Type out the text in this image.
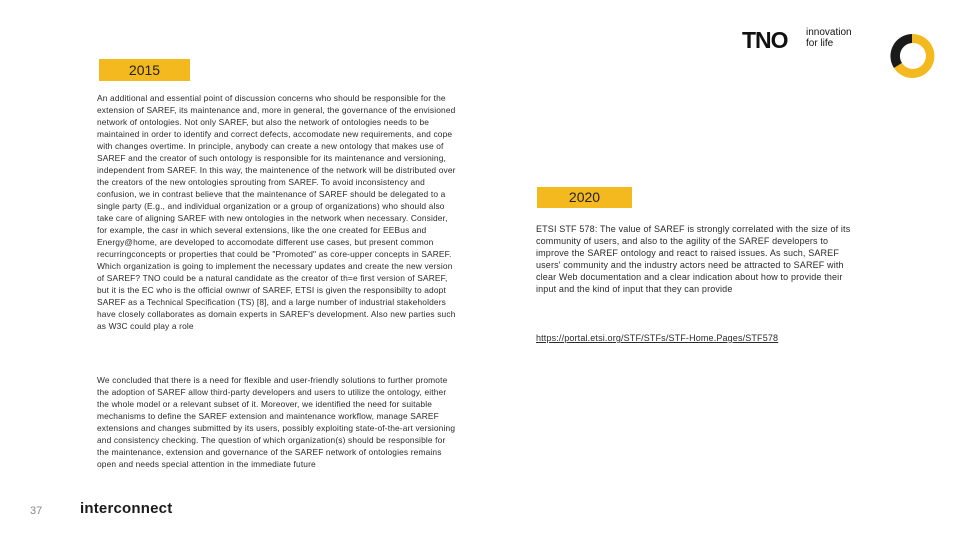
2015
An additional and essential point of discussion concerns who should be responsible for the extension of SAREF, its maintenance and, more in general, the governance of the envisioned network of ontologies. Not only SAREF, but also the network of ontologies needs to be maintained in order to identify and correct defects, accomodate new requirements, and cope with changes overtime. In principle, anybody can create a new ontology that makes use of SAREF and the creator of such ontology is responsible for its maintenance and versioning, independent from SAREF. In this way, the maintenence of the network will be distributed over the creators of the new ontologies sprouting from SAREF. To avoid inconsistency and confusion, we in contrast believe that the maintenance of SAREF should be delegated to a single party (E.g., and individual organization or a group of organizations) who should also take care of aligning SAREF with new ontologies in the network when necessary. Consider, for example, the casr in which several extensions, like the one created for EEBus and Energy@home, are developed to accomodate different use cases, but present common recurringconcepts or properties that could be "Promoted" as core-upper concepts in SAREF. Which organization is going to implement the necessary updates and create the new version of SAREF? TNO could be a natural candidate as the creator of th=e first version of SAREF, but it is the EC who is the official ownwr of SAREF, ETSI is given the responsibilty to adopt SAREF as a Technical Specification (TS) [8], and a large number of industrial stakeholders have closely collaborates as domain experts in SAREF's development. Also new parties such as W3C could play a role
We concluded that there is a need for flexible and user-friendly solutions to further promote the adoption of SAREF allow third-party developers and users to utilize the ontology, either the whole model or a relevant subset of it. Moreover, we identified the need for suitable mechanisms to define the SAREF extension and maintenance workflow, manage SAREF extensions and changes submitted by its users, possibly exploiting state-of-the-art versioning and consistency checking. The question of which organization(s) should be responsible for the maintenance, extension and governance of the SAREF network of ontologies remains open and needs special attention in the immediate future
2020
ETSI STF 578: The value of SAREF is strongly correlated with the size of its community of users, and also to the agility of the SAREF developers to improve the SAREF ontology and react to raised issues. As such, SAREF users' community and the industry actors need be attracted to SAREF with clear Web documentation and a clear indication about how to provide their input and the kind of input that they can provide
https://portal.etsi.org/STF/STFs/STF-Home.Pages/STF578
37	interconnect
TNO innovation
for life
